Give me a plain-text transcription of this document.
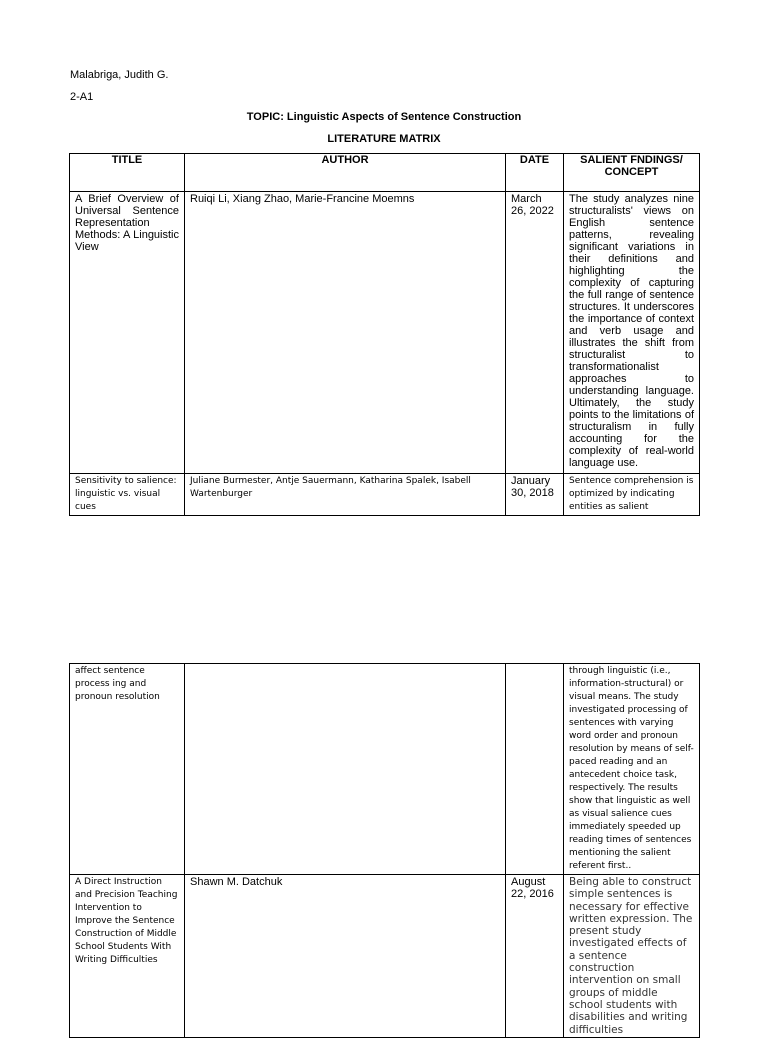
Malabriga, Judith G.
2-A1
TOPIC: Linguistic Aspects of Sentence Construction
LITERATURE MATRIX
TITLE	AUTHOR	DATE	SALIENT FNDINGS/ CONCEPT
A Brief Overview of Universal Sentence Representation Methods: A Linguistic View	Ruiqi Li, Xiang Zhao, Marie-Francine Moemns	March 26, 2022	The study analyzes nine structuralists' views on English sentence patterns, revealing significant variations in their definitions and highlighting the complexity of capturing the full range of sentence structures. It underscores the importance of context and verb usage and illustrates the shift from structuralist to transformationalist approaches to understanding language. Ultimately, the study points to the limitations of structuralism in fully accounting for the complexity of real-world language use.
Sensitivity to salience: linguistic vs. visual cues	Juliane Burmester, Antje Sauermann, Katharina Spalek, Isabell Wartenburger	January 30, 2018	Sentence comprehension is optimized by indicating entities as salient
affect sentence process ing and pronoun resolution			through linguistic (i.e., information-structural) or visual means. The study investigated processing of sentences with varying word order and pronoun resolution by means of self-paced reading and an antecedent choice task, respectively. The results show that linguistic as well as visual salience cues immediately speeded up reading times of sentences mentioning the salient referent first..
A Direct Instruction and Precision Teaching Intervention to Improve the Sentence Construction of Middle School Students With Writing Difficulties	Shawn M. Datchuk	August 22, 2016	Being able to construct simple sentences is necessary for effective written expression. The present study investigated effects of a sentence construction intervention on small groups of middle school students with disabilities and writing difficulties
